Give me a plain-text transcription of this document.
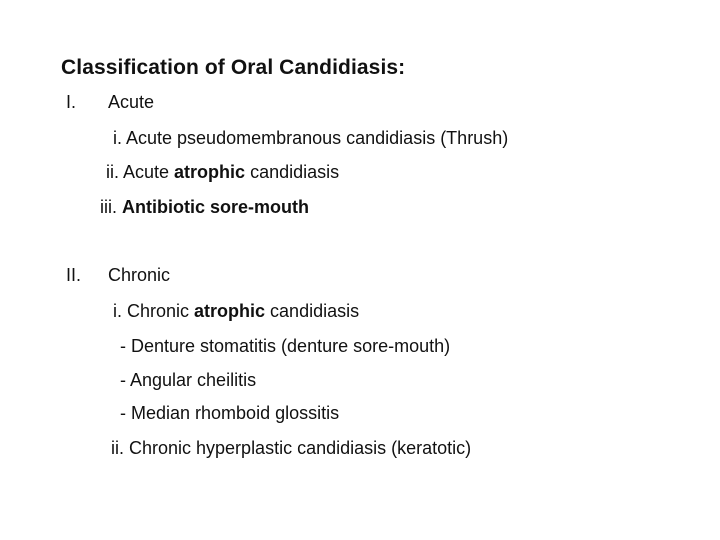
Classification of Oral Candidiasis:
I. Acute
i. Acute pseudomembranous candidiasis (Thrush)
ii. Acute atrophic candidiasis
iii. Antibiotic sore-mouth
II. Chronic
i. Chronic atrophic candidiasis
- Denture stomatitis (denture sore-mouth)
- Angular cheilitis
- Median rhomboid glossitis
ii. Chronic hyperplastic candidiasis (keratotic)
